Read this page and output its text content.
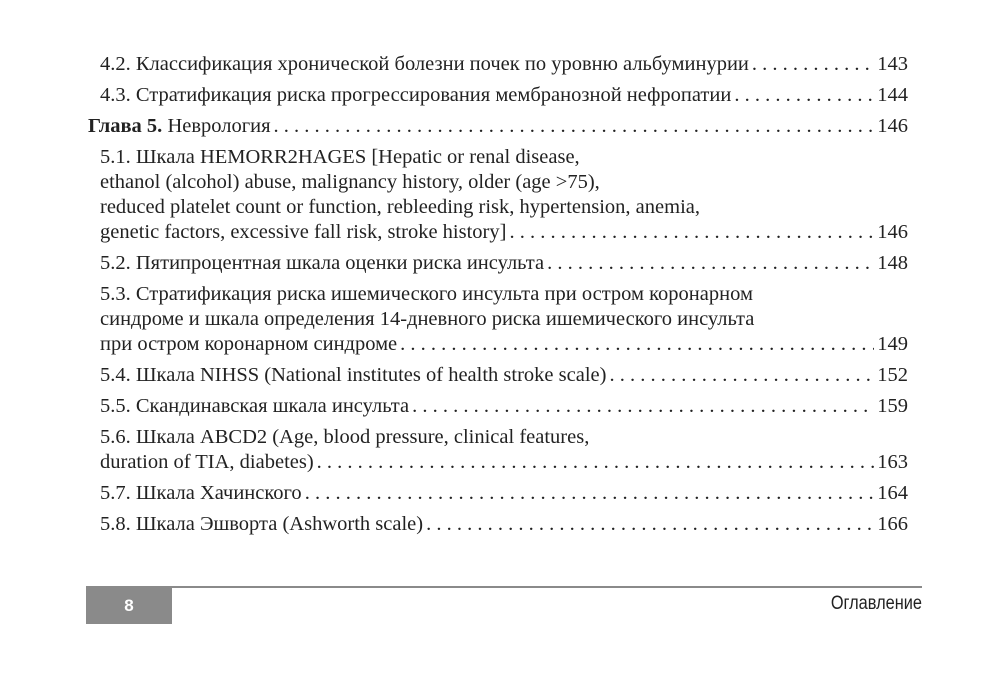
4.2. Классификация хронической болезни почек по уровню альбуминурии . . .	143
4.3. Стратификация риска прогрессирования мембранозной нефропатии . . .	144
Глава 5. Неврология . . .	146
5.1. Шкала HEMORR2HAGES [Hepatic or renal disease,
ethanol (alcohol) abuse, malignancy history, older (age >75),
reduced platelet count or function, rebleeding risk, hypertension, anemia,
genetic factors, excessive fall risk, stroke history] . . .	146
5.2. Пятипроцентная шкала оценки риска инсульта . . .	148
5.3. Стратификация риска ишемического инсульта при остром коронарном
синдроме и шкала определения 14-дневного риска ишемического инсульта
при остром коронарном синдроме . . .	149
5.4. Шкала NIHSS (National institutes of health stroke scale) . . .	152
5.5. Скандинавская шкала инсульта . . .	159
5.6. Шкала ABCD2 (Age, blood pressure, clinical features,
duration of TIA, diabetes) . . .	163
5.7. Шкала Хачинского . . .	164
5.8. Шкала Эшворта (Ashworth scale) . . .	166
8	Оглавление
